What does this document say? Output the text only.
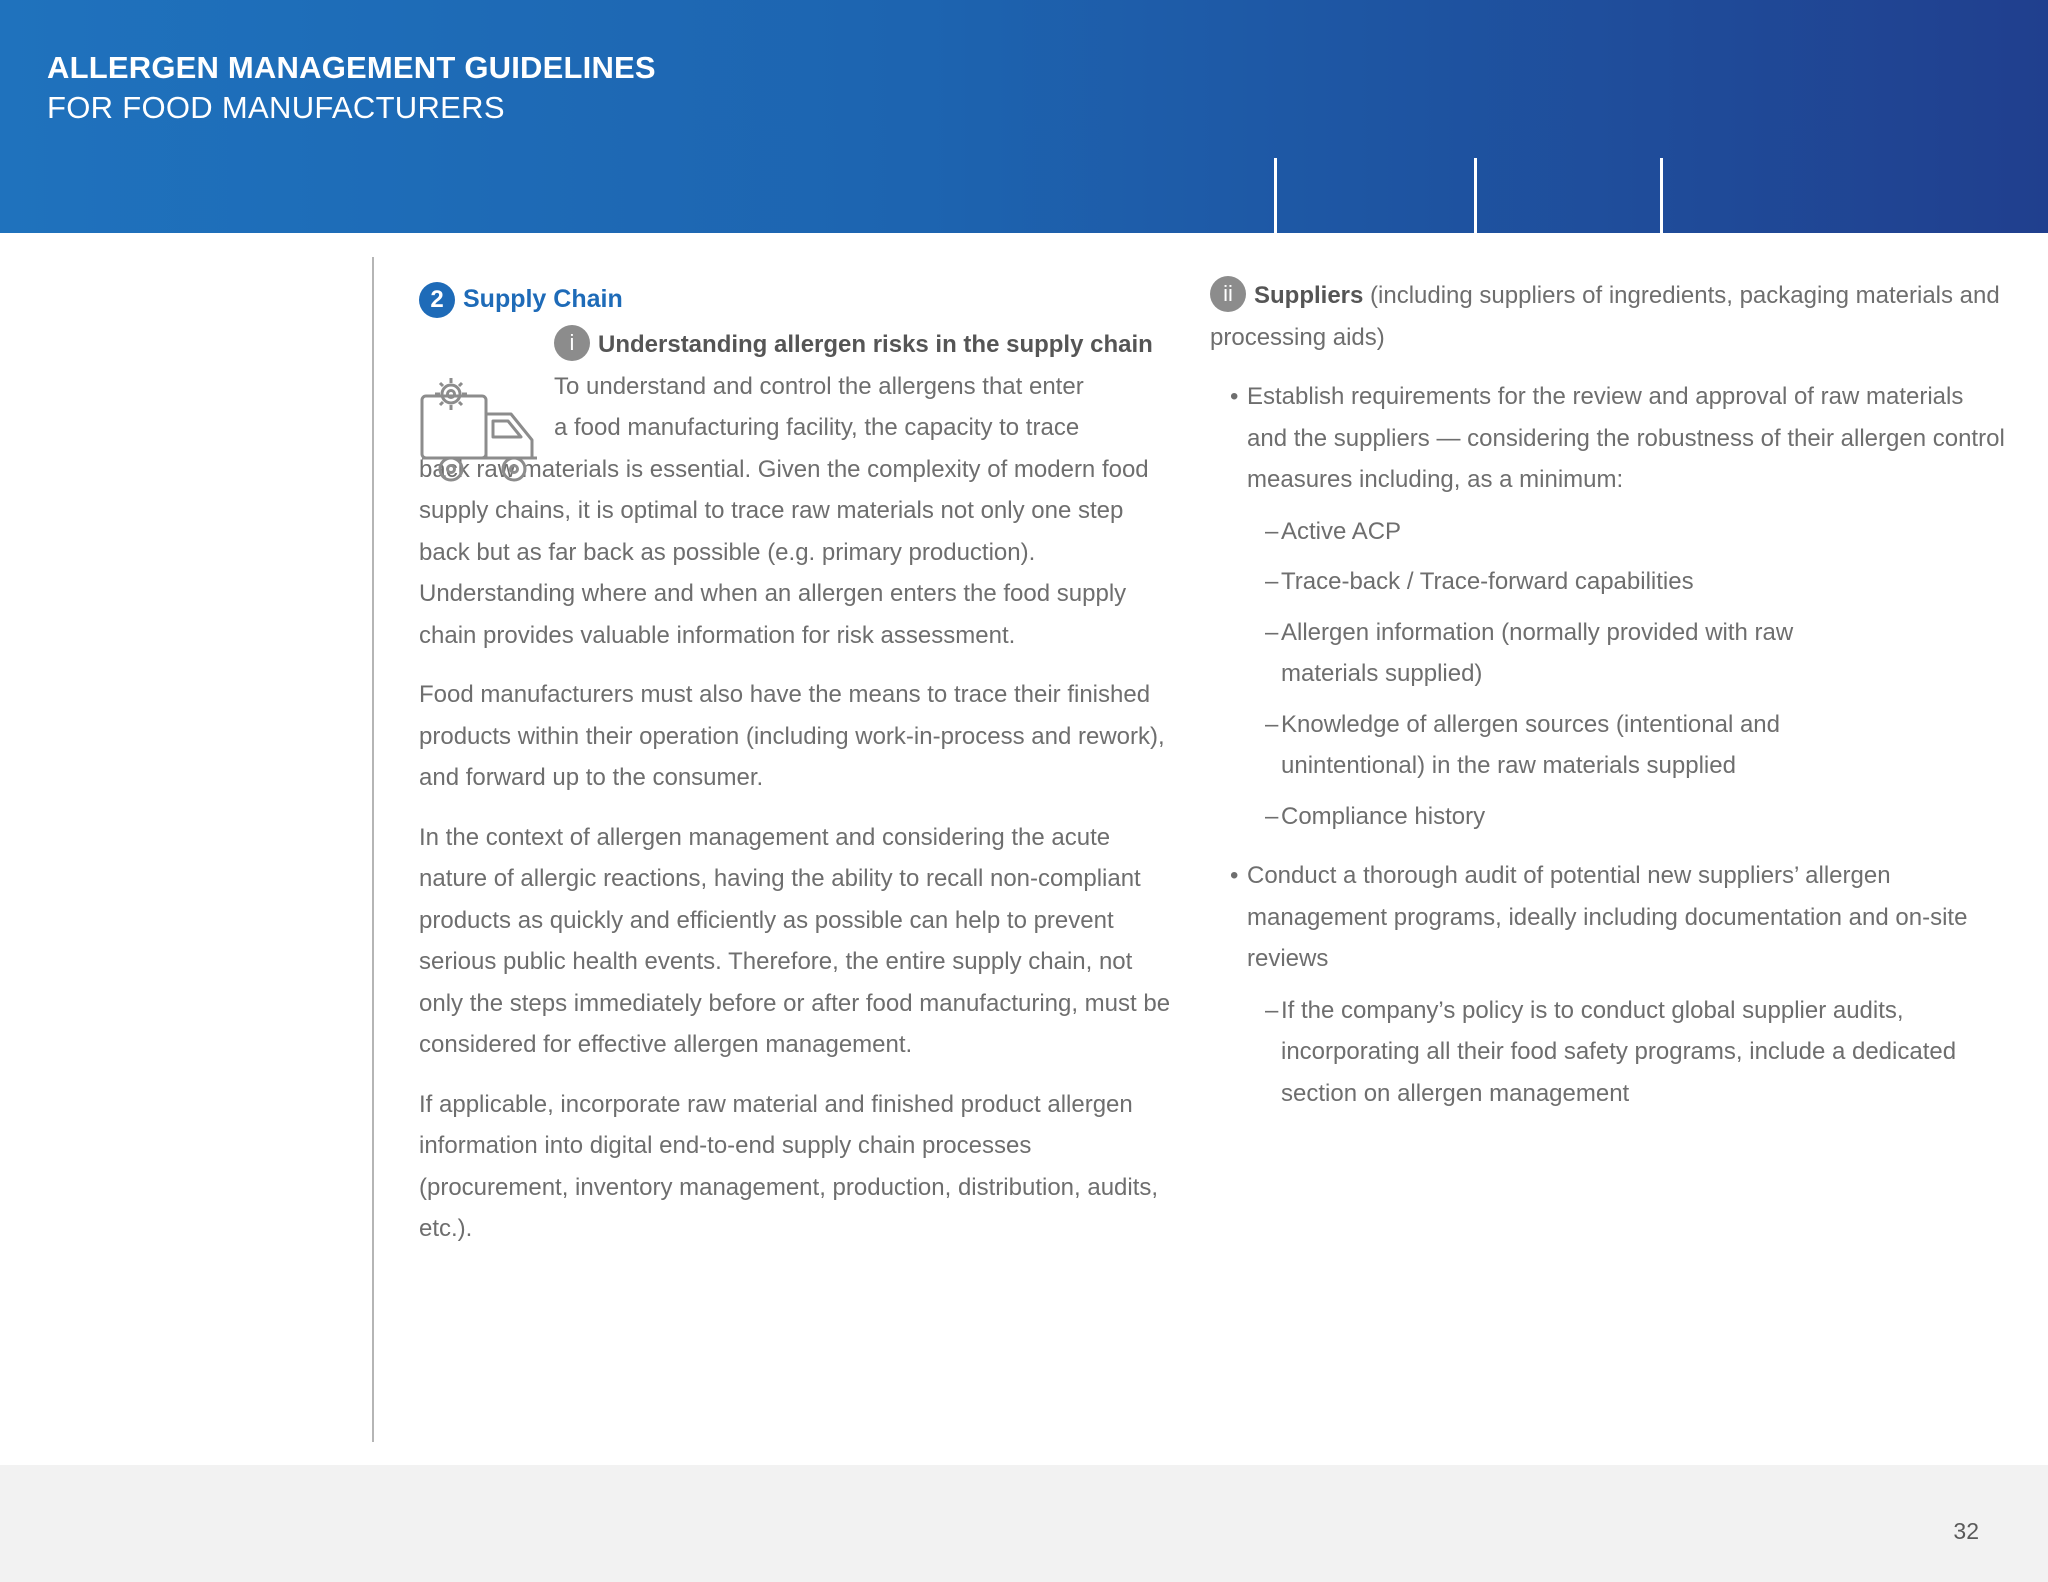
ALLERGEN MANAGEMENT GUIDELINES
FOR FOOD MANUFACTURERS
2 Supply Chain
i Understanding allergen risks in the supply chain
To understand and control the allergens that enter
a food manufacturing facility, the capacity to trace

back raw materials is essential. Given the complexity of modern food supply chains, it is optimal to trace raw materials not only one step back but as far back as possible (e.g. primary production). Understanding where and when an allergen enters the food supply chain provides valuable information for risk assessment.

Food manufacturers must also have the means to trace their finished products within their operation (including work-in-process and rework), and forward up to the consumer.

In the context of allergen management and considering the acute nature of allergic reactions, having the ability to recall non-compliant products as quickly and efficiently as possible can help to prevent serious public health events. Therefore, the entire supply chain, not only the steps immediately before or after food manufacturing, must be considered for effective allergen management.

If applicable, incorporate raw material and finished product allergen information into digital end-to-end supply chain processes (procurement, inventory management, production, distribution, audits, etc.).

ii Suppliers (including suppliers of ingredients, packaging materials and processing aids)
• Establish requirements for the review and approval of raw materials and the suppliers — considering the robustness of their allergen control measures including, as a minimum:
– Active ACP
– Trace-back / Trace-forward capabilities
– Allergen information (normally provided with raw materials supplied)
– Knowledge of allergen sources (intentional and unintentional) in the raw materials supplied
– Compliance history
• Conduct a thorough audit of potential new suppliers’ allergen management programs, ideally including documentation and on-site reviews
– If the company’s policy is to conduct global supplier audits, incorporating all their food safety programs, include a dedicated section on allergen management
32
